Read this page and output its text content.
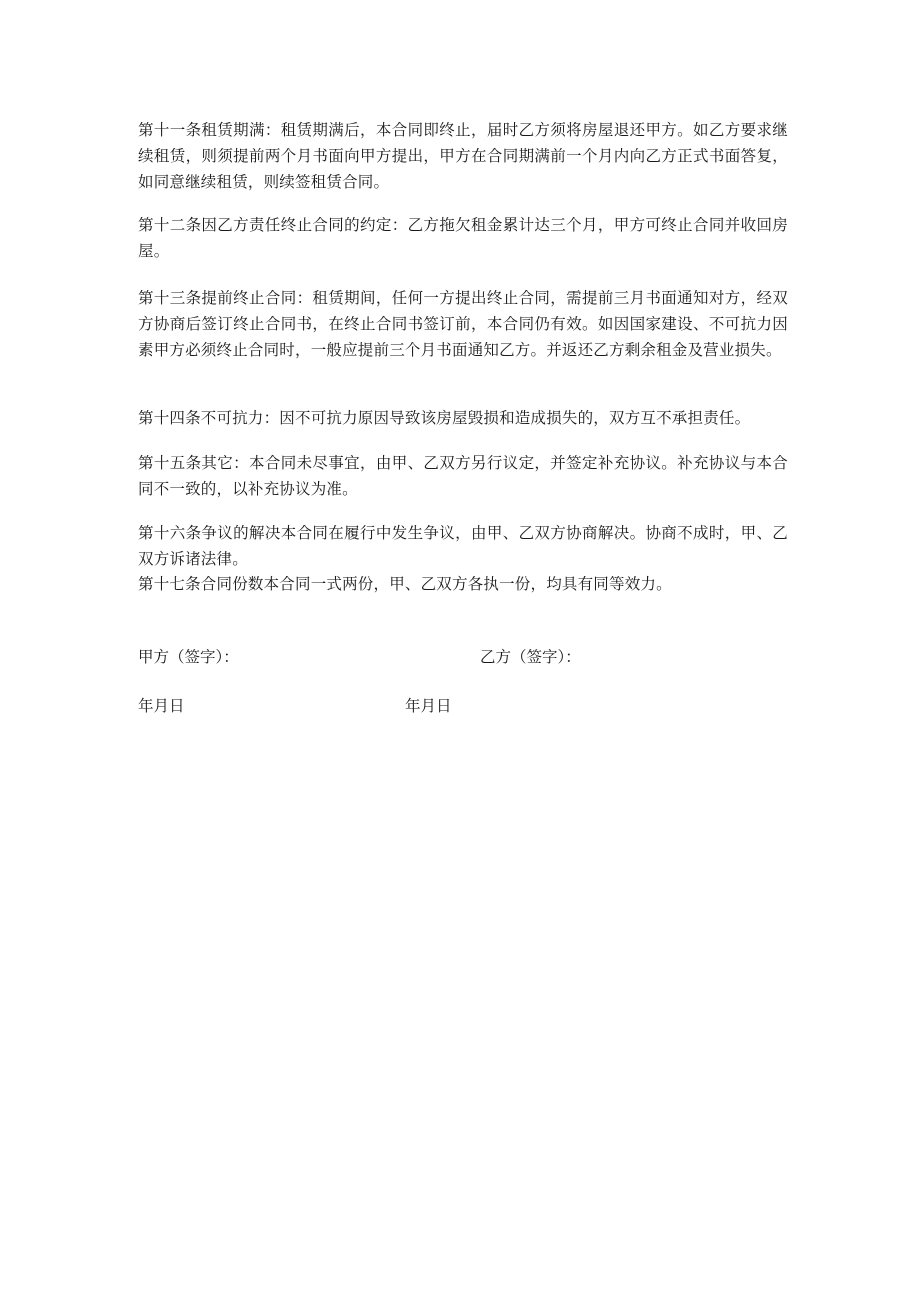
第十一条租赁期满：租赁期满后，本合同即终止，届时乙方须将房屋退还甲方。如乙方要求继续租赁，则须提前两个月书面向甲方提出，甲方在合同期满前一个月内向乙方正式书面答复，如同意继续租赁，则续签租赁合同。

第十二条因乙方责任终止合同的约定：乙方拖欠租金累计达三个月，甲方可终止合同并收回房屋。

第十三条提前终止合同：租赁期间，任何一方提出终止合同，需提前三月书面通知对方，经双方协商后签订终止合同书，在终止合同书签订前，本合同仍有效。如因国家建设、不可抗力因素甲方必须终止合同时，一般应提前三个月书面通知乙方。并返还乙方剩余租金及营业损失。

第十四条不可抗力：因不可抗力原因导致该房屋毁损和造成损失的，双方互不承担责任。

第十五条其它：本合同未尽事宜，由甲、乙双方另行议定，并签定补充协议。补充协议与本合同不一致的，以补充协议为准。

第十六条争议的解决本合同在履行中发生争议，由甲、乙双方协商解决。协商不成时，甲、乙双方诉诸法律。

第十七条合同份数本合同一式两份，甲、乙双方各执一份，均具有同等效力。

甲方（签字）：	乙方（签字）：

年月日	年月日
